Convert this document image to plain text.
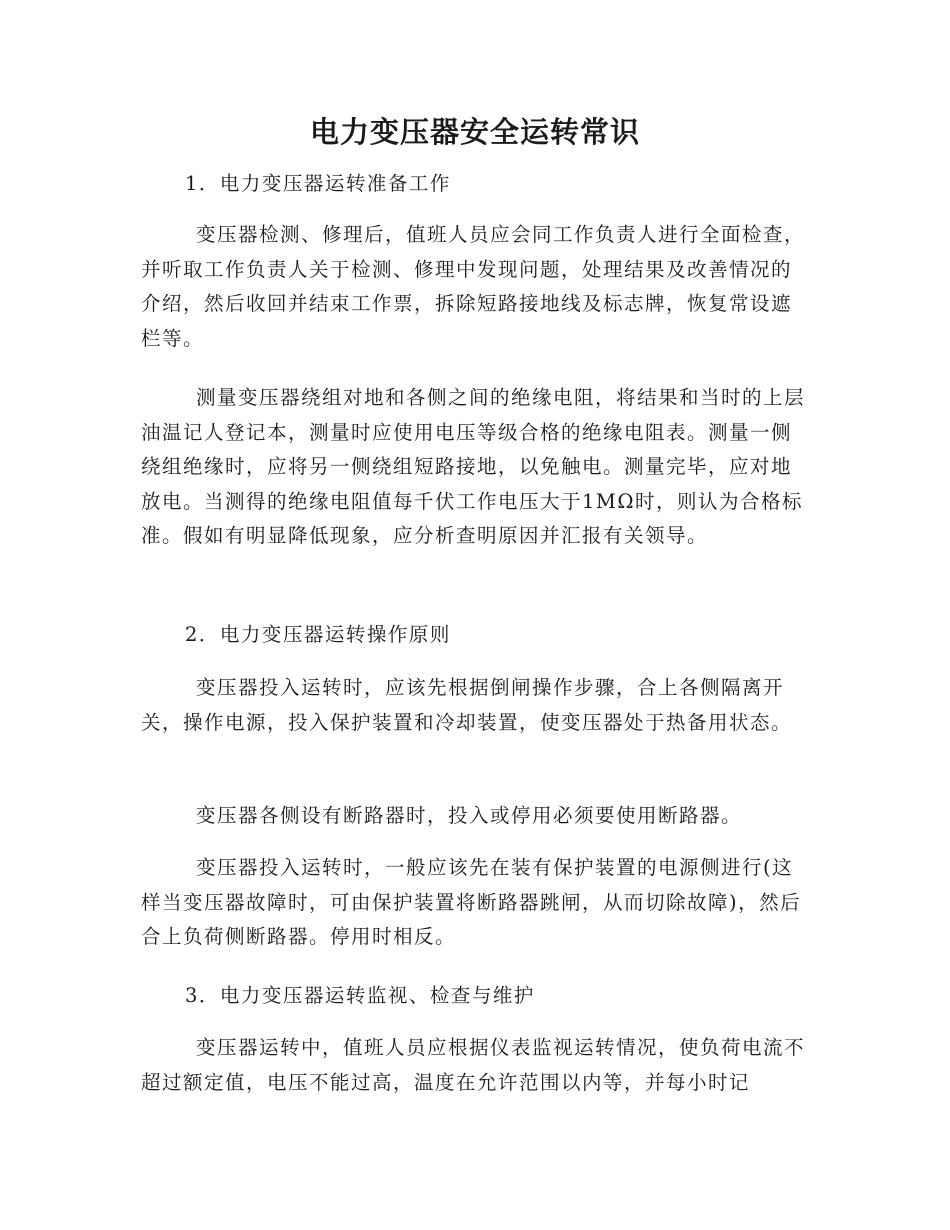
电力变压器安全运转常识

1．电力变压器运转准备工作

变压器检测、修理后，值班人员应会同工作负责人进行全面检查，并听取工作负责人关于检测、修理中发现问题，处理结果及改善情况的介绍，然后收回并结束工作票，拆除短路接地线及标志牌，恢复常设遮栏等。

测量变压器绕组对地和各侧之间的绝缘电阻，将结果和当时的上层油温记人登记本，测量时应使用电压等级合格的绝缘电阻表。测量一侧绕组绝缘时，应将另一侧绕组短路接地，以免触电。测量完毕，应对地放电。当测得的绝缘电阻值每千伏工作电压大于1MΩ时，则认为合格标准。假如有明显降低现象，应分析查明原因并汇报有关领导。

2．电力变压器运转操作原则

变压器投入运转时，应该先根据倒闸操作步骤，合上各侧隔离开关，操作电源，投入保护装置和冷却装置，使变压器处于热备用状态。

变压器各侧设有断路器时，投入或停用必须要使用断路器。

变压器投入运转时，一般应该先在装有保护装置的电源侧进行(这样当变压器故障时，可由保护装置将断路器跳闸，从而切除故障)，然后合上负荷侧断路器。停用时相反。

3．电力变压器运转监视、检查与维护

变压器运转中，值班人员应根据仪表监视运转情况，使负荷电流不超过额定值，电压不能过高，温度在允许范围以内等，并每小时记
